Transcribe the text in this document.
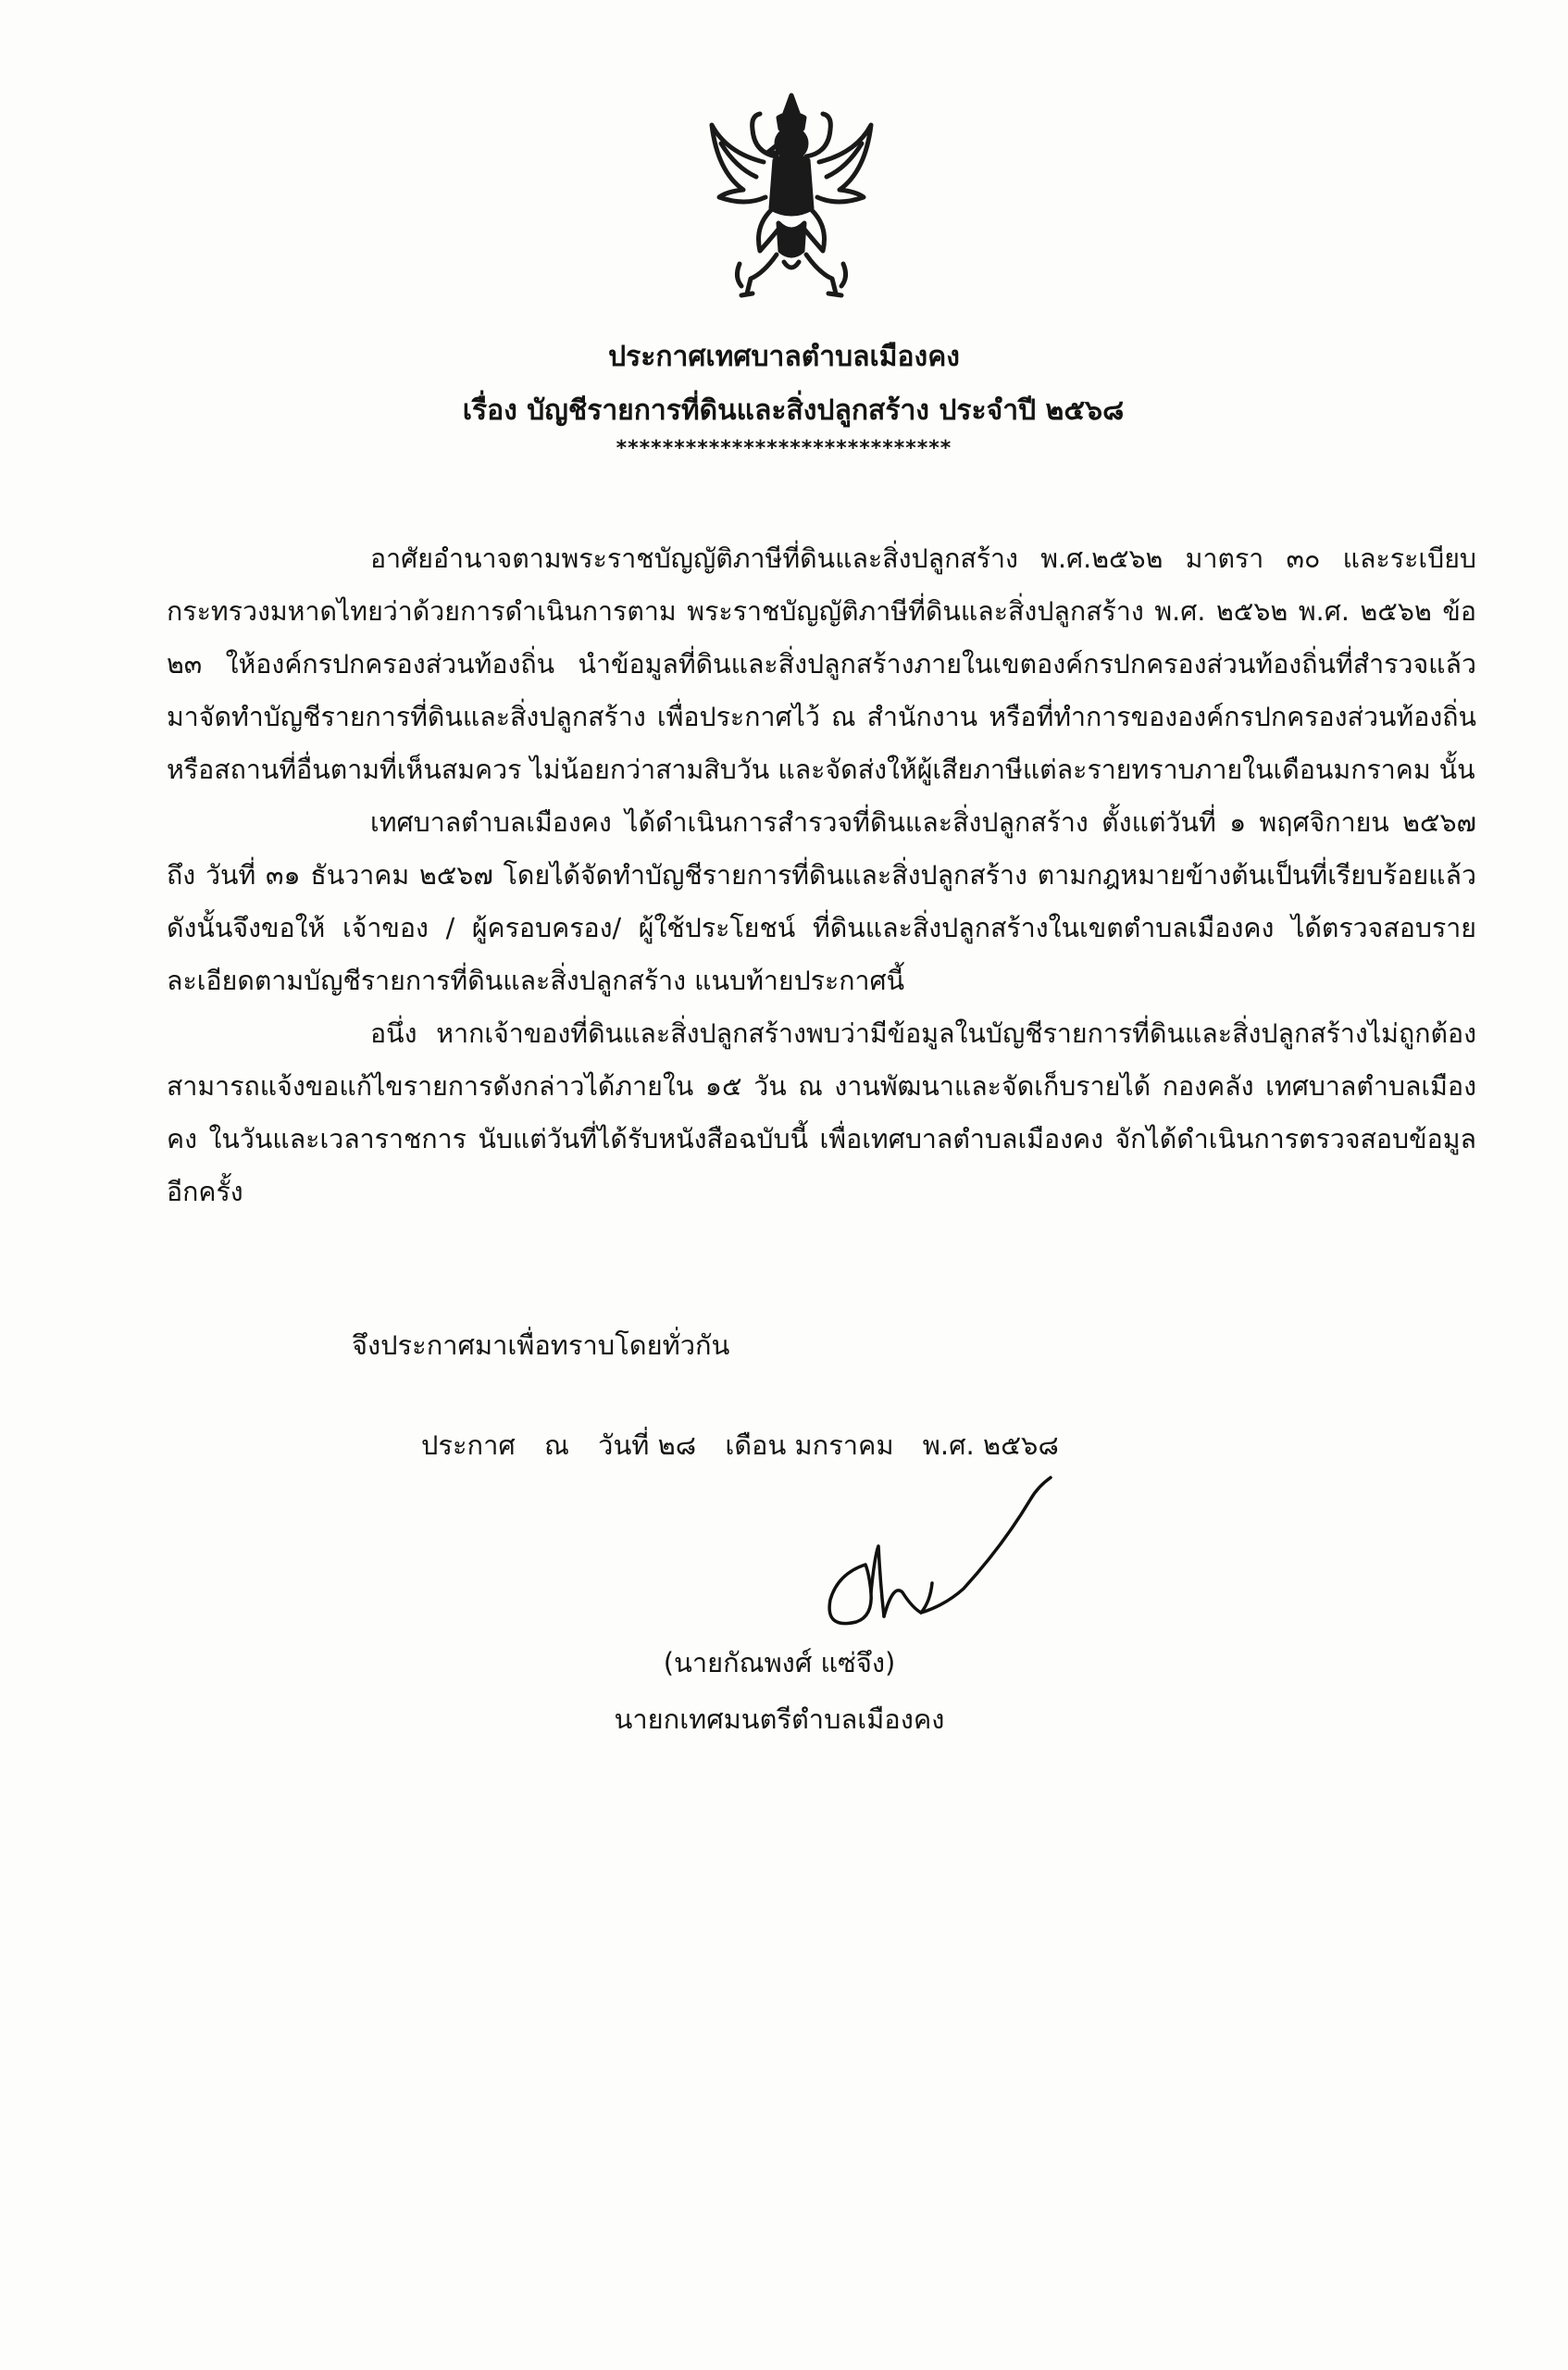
ประกาศเทศบาลตำบลเมืองคง
เรื่อง บัญชีรายการที่ดินและสิ่งปลูกสร้าง ประจำปี ๒๕๖๘
*****************************

อาศัยอำนาจตามพระราชบัญญัติภาษีที่ดินและสิ่งปลูกสร้าง พ.ศ.๒๕๖๒ มาตรา ๓๐ และระเบียบกระทรวงมหาดไทยว่าด้วยการดำเนินการตาม พระราชบัญญัติภาษีที่ดินและสิ่งปลูกสร้าง พ.ศ. ๒๕๖๒ พ.ศ. ๒๕๖๒ ข้อ ๒๓ ให้องค์กรปกครองส่วนท้องถิ่น นำข้อมูลที่ดินและสิ่งปลูกสร้างภายในเขตองค์กรปกครองส่วนท้องถิ่นที่สำรวจแล้ว มาจัดทำบัญชีรายการที่ดินและสิ่งปลูกสร้าง เพื่อประกาศไว้ ณ สำนักงาน หรือที่ทำการขององค์กรปกครองส่วนท้องถิ่น หรือสถานที่อื่นตามที่เห็นสมควร ไม่น้อยกว่าสามสิบวัน และจัดส่งให้ผู้เสียภาษีแต่ละรายทราบภายในเดือนมกราคม นั้น

เทศบาลตำบลเมืองคง ได้ดำเนินการสำรวจที่ดินและสิ่งปลูกสร้าง ตั้งแต่วันที่ ๑ พฤศจิกายน ๒๕๖๗ ถึง วันที่ ๓๑ ธันวาคม ๒๕๖๗ โดยได้จัดทำบัญชีรายการที่ดินและสิ่งปลูกสร้าง ตามกฎหมายข้างต้นเป็นที่เรียบร้อยแล้ว ดังนั้นจึงขอให้ เจ้าของ / ผู้ครอบครอง/ ผู้ใช้ประโยชน์ ที่ดินและสิ่งปลูกสร้างในเขตตำบลเมืองคง ได้ตรวจสอบรายละเอียดตามบัญชีรายการที่ดินและสิ่งปลูกสร้าง แนบท้ายประกาศนี้

อนึ่ง หากเจ้าของที่ดินและสิ่งปลูกสร้างพบว่ามีข้อมูลในบัญชีรายการที่ดินและสิ่งปลูกสร้างไม่ถูกต้อง สามารถแจ้งขอแก้ไขรายการดังกล่าวได้ภายใน ๑๕ วัน ณ งานพัฒนาและจัดเก็บรายได้ กองคลัง เทศบาลตำบลเมืองคง ในวันและเวลาราชการ นับแต่วันที่ได้รับหนังสือฉบับนี้ เพื่อเทศบาลตำบลเมืองคง จักได้ดำเนินการตรวจสอบข้อมูลอีกครั้ง

จึงประกาศมาเพื่อทราบโดยทั่วกัน
ประกาศ ณ วันที่ ๒๘ เดือน มกราคม พ.ศ. ๒๕๖๘
(นายกัณพงศ์ แซ่จึง)
นายกเทศมนตรีตำบลเมืองคง
